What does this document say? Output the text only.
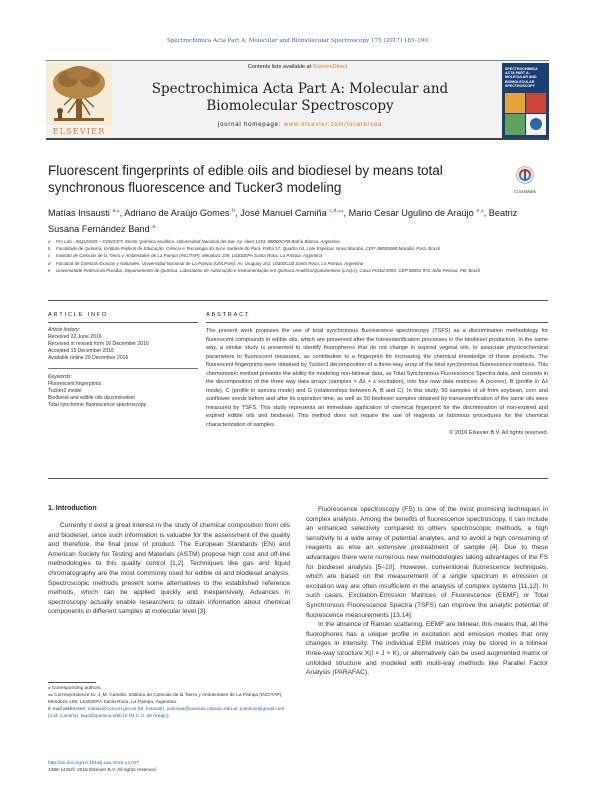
Spectrochimica Acta Part A: Molecular and Biomolecular Spectroscopy 175 (2017) 185–190
Contents lists available at ScienceDirect
ELSEVIER
Spectrochimica Acta Part A: Molecular and Biomolecular Spectroscopy
journal homepage: www.elsevier.com/locate/saa
SPECTROCHIMICA ACTA PART A: MOLECULAR AND BIOMOLECULAR SPECTROSCOPY
Fluorescent fingerprints of edible oils and biodiesel by means total synchronous fluorescence and Tucker3 modeling	CrossMark
Matías Insausti $^{a,⁎}$, Adriano de Araújo Gomes $^b$, José Manuel Camiña $^{c,d,⁎⁎}$, Mario Cesar Ugulino de Araújo $^{e,⁎}$, Beatriz Susana Fernández Band $^a$
a	FIA Lab., INQUISUR – CONICET, Sector Química Analítica, Universidad Nacional del Sur. Av. Alem 1253, B8000CPB Bahía Blanca, Argentina
b	Faculdade de Química, Instituto Federal de Educação, Ciência e Tecnologia do Sul e Sudeste do Pará, Folha 17, Quadra 04, Lote Especial, Nova Marabá, CEP: 68505080 Marabá, Pará, Brazil
c	Instituto de Ciencias de la Tierra y Ambientales de La Pampa (INCITAP), Mendoza 109, L6302EPA Santa Rosa, La Pampa, Argentina
d	Facultad de Ciencias Exactas y Naturales, Universidad Nacional de La Pampa (UNLPam), Av. Uruguay 151, L6300CLB Santa Rosa, La Pampa, Argentina
e	Universidade Federal da Paraíba, Departamento de Química, Laboratório de Automação e Instrumentação em Química Analítica/Quimiometria (LAQA), Caixa Postal 5093, CEP 58051-970 João Pessoa, PB, Brazil
ARTICLE INFO	ABSTRACT
Article history:
Received 22 June 2016
Received in revised form 16 December 2016
Accepted 19 December 2016
Available online 29 December 2016
Keywords:
Fluorescent fingerprints
Tucker3 model
Biodiesel and edible oils discrimination
Total synchronic fluorescence spectroscopy
The present work proposes the use of total synchronous fluorescence spectroscopy (TSFS) as a discrimination methodology for fluorescent compounds in edible oils, which are preserved after the transesterification processes in the biodiesel production. In the same way, a similar study is presented to identify fluorophores that do not change in expired vegetal oils, to associate physicochemical parameters to fluorescent measures, as contribution to a fingerprint for increasing the chemical knowledge of these products. The fluorescent fingerprints were obtained by Tucker3 decomposition of a three-way array of the total synchronous fluorescence matrices. This chemometric method presents the ability for modeling non-bilinear data, as Total Synchronous Fluorescence Spectra data, and consists in the decomposition of the three way data arrays (samples × Δλ × λ excitation), into four new data matrices: A (scores), B (profile in Δλ mode), C (profile in spectra mode) and G (relationships between A, B and C). In this study, 50 samples of oil from soybean, corn and sunflower seeds before and after its expiration time, as well as 50 biodiesel samples obtained by transesterification of the same oils were measured by TSFS. This study represents an immediate application of chemical fingerprint for the discrimination of non-expired and expired edible oils and biodiesel. This method does not require the use of reagents or laborious procedures for the chemical characterization of samples.
© 2016 Elsevier B.V. All rights reserved.
1. Introduction
Currently it exist a great interest in the study of chemical composition from oils and biodiesel, since such information is valuable for the assessment of the quality and therefore, the final price of product. The European Standards (EN) and American Society for Testing and Materials (ASTM) propose high cost and off-line methodologies to this quality control [1,2]. Techniques like gas and liquid chromatography are the most commonly used for edible oil and biodiesel analysis. Spectroscopic methods present some alternatives to the established reference methods, which can be applied quickly and inexpensively. Advances in spectroscopy actually enable researchers to obtain information about chemical components in different samples at molecular level [3].

Fluorescence spectroscopy (FS) is one of the most promising techniques in complex analysis. Among the benefits of fluorescence spectroscopy, it can include an enhanced selectivity compared to others spectroscopic methods, a high sensitivity to a wide array of potential analytes, and to avoid a high consuming of reagents as else an extensive pretreatment of sample [4]. Due to these advantages there were numerous new methodologies taking advantages of the FS for biodiesel analysis [5–10]. However, conventional fluorescence techniques, which are based on the measurement of a single spectrum in emission or excitation way are often insufficient in the analysis of complex systems [11,12]. In such cases, Excitation-Emission Matrices of Fluorescence (EEMF) or Total Synchronous Fluorescence Spectra (TSFS) can improve the analytic potential of fluorescence measurements [13,14].

In the absence of Raman scattering, EEMF are bilinear, this means that, all the fluorophores has a unique profile in excitation and emission modes that only changes in intensity. The individual EEM matrices may be stored in a trilinear three-way structure X(I × J × K), or alternatively can be used augmented matrix or unfolded structure and modeled with multi-way methods like Parallel Factor Analysis (PARAFAC),

⁎ Corresponding authors.
⁎⁎ Correspondence to: J. M. Camiña, Instituto de Ciencias de la Tierra y Ambientales de La Pampa (INCITAP), Mendoza 109, L6302EPA Santa Rosa, La Pampa, Argentina.
E-mail addresses: matias@conicet.gov.ar (M. Insausti), jcaminia@exactas.unlpam.edu.ar, jcaminia@gmail.com (J.M. Camiña), laqa@quimica.ufpb.br (M.C.U. de Araújo).
http://dx.doi.org/10.1016/j.saa.2016.12.027
1386-1425/© 2016 Elsevier B.V. All rights reserved.
